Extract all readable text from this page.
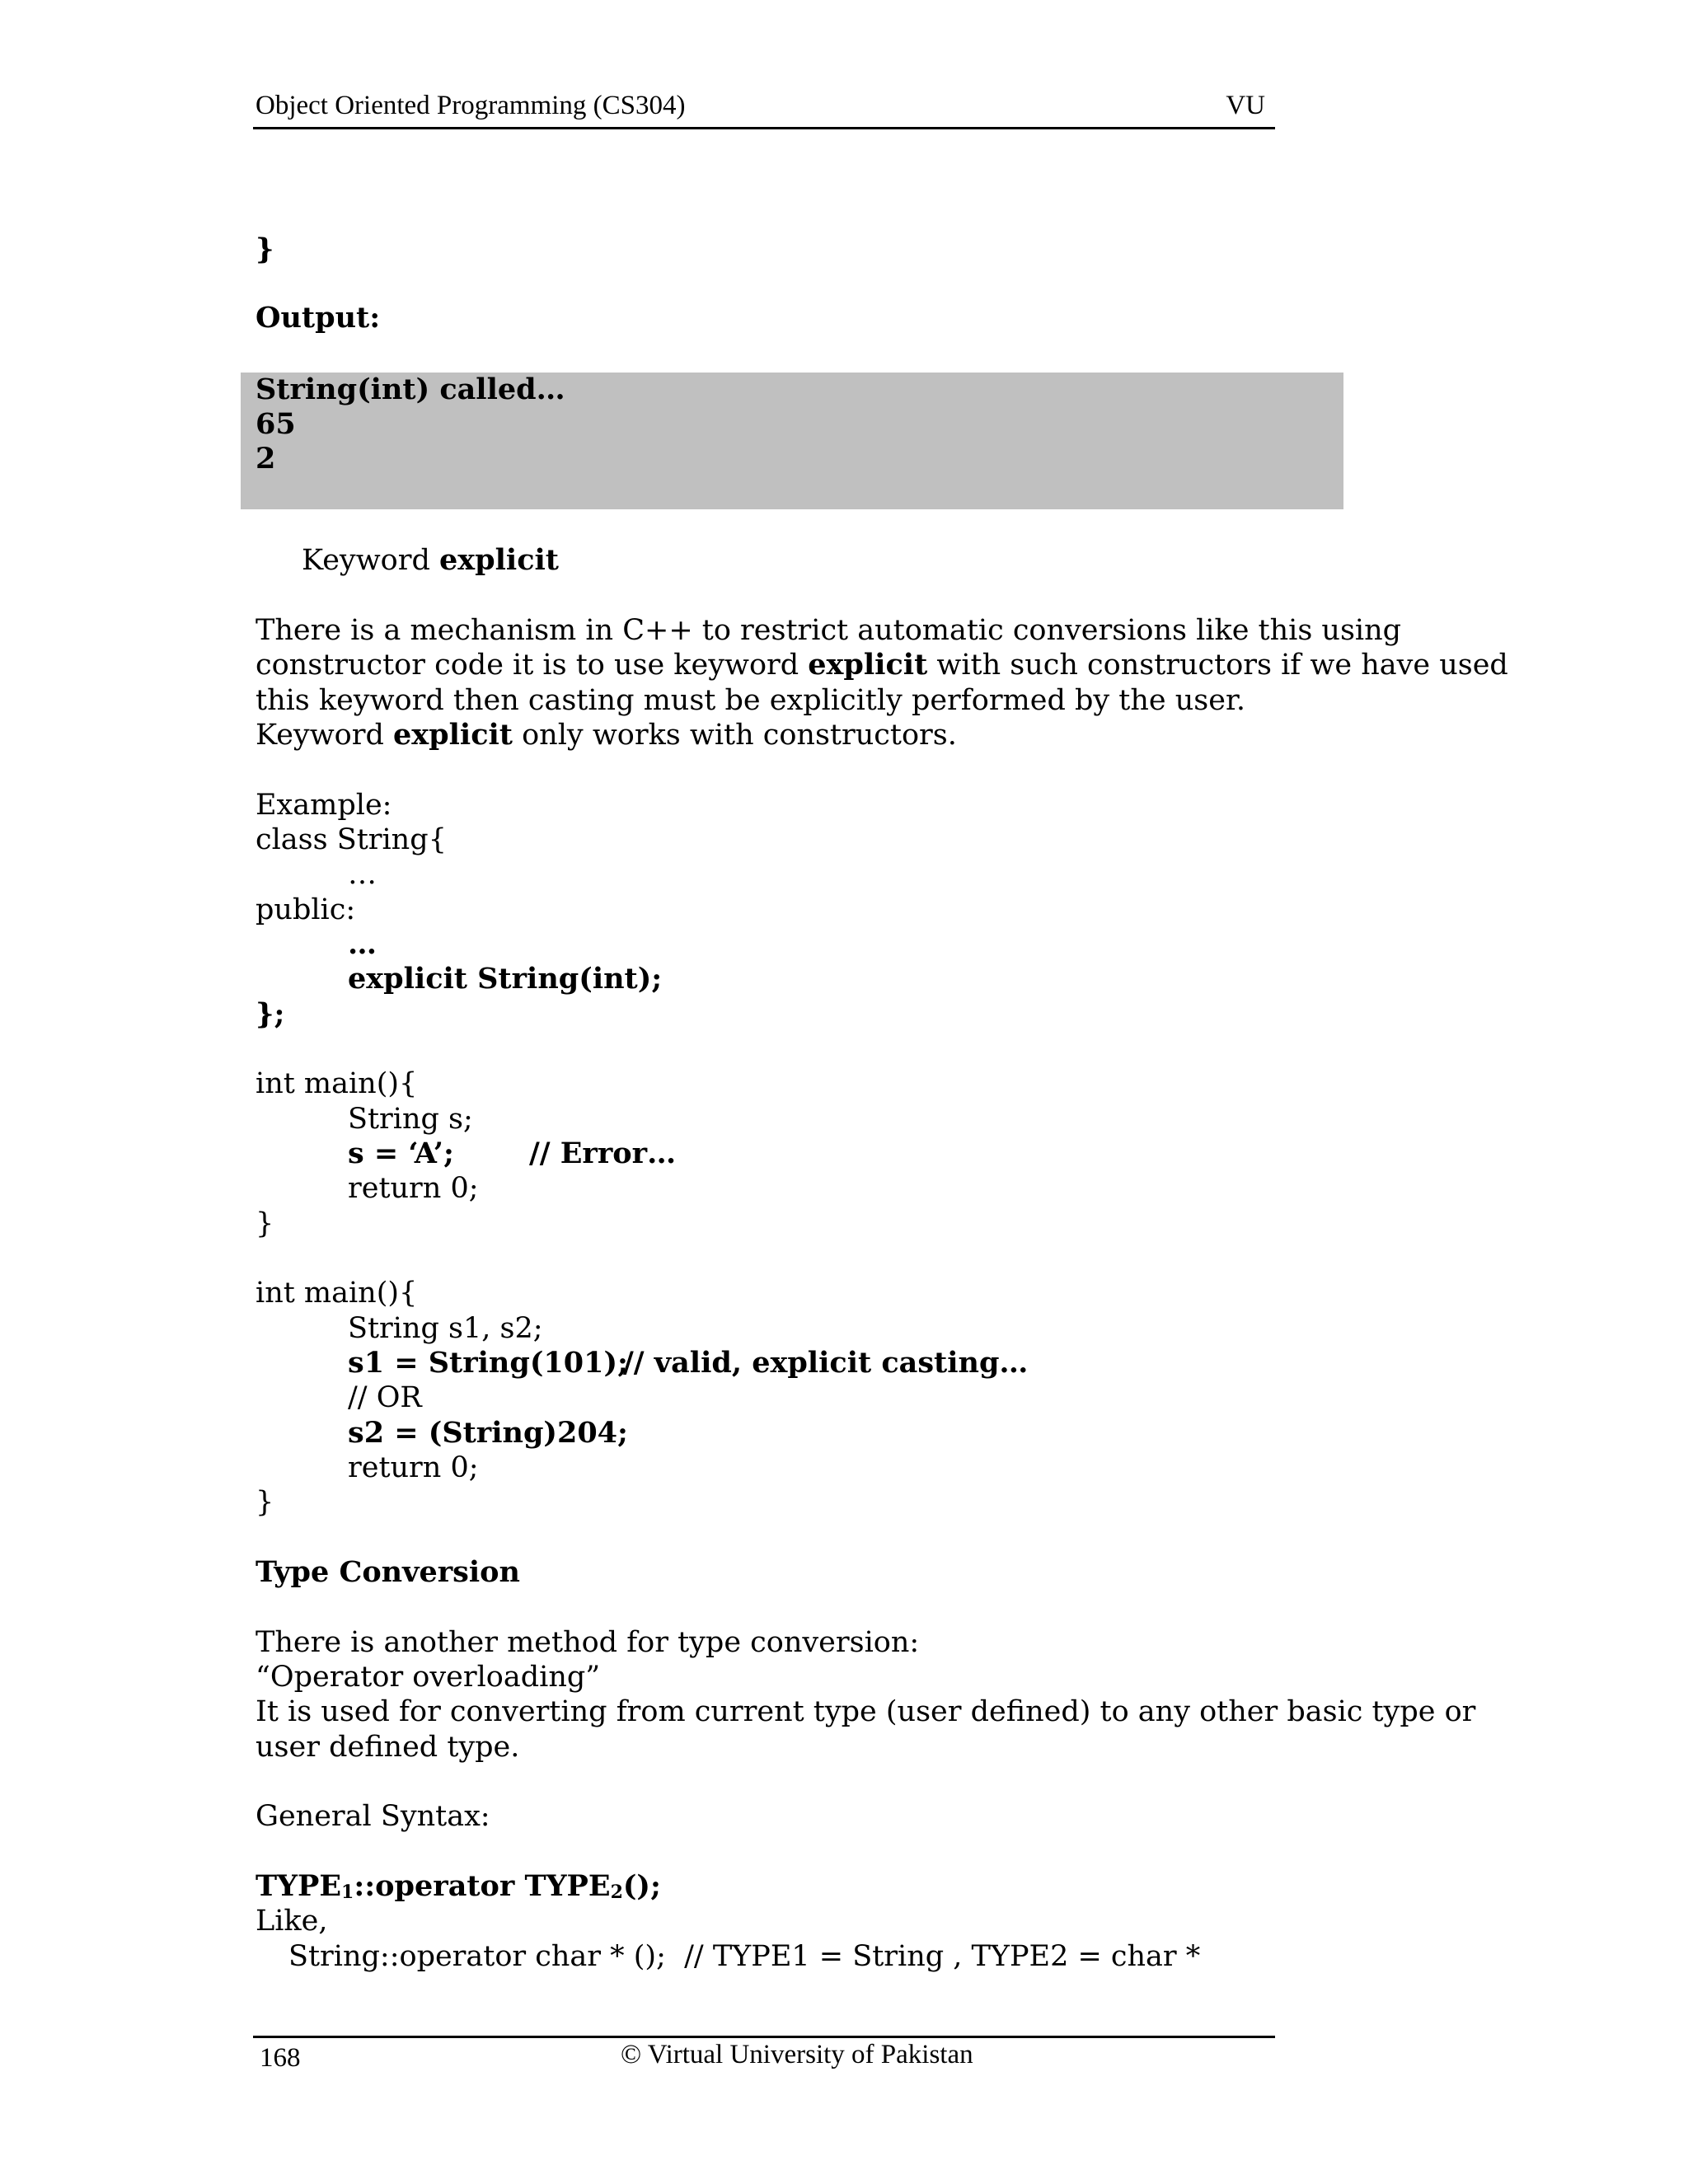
Object Oriented Programming (CS304)	VU
}
Output:
String(int) called…
65
2
Keyword explicit
There is a mechanism in C++ to restrict automatic conversions like this using
constructor code it is to use keyword explicit with such constructors if we have used
this keyword then casting must be explicitly performed by the user.
Keyword explicit only works with constructors.
Example:
class String{
…
public:
…
explicit String(int);
};
int main(){
String s;
s = ‘A’;	// Error…
return 0;
}
int main(){
String s1, s2;
s1 = String(101);
// valid, explicit casting…
// OR
s2 = (String)204;
return 0;
}
Type Conversion
There is another method for type conversion:
“Operator overloading”
It is used for converting from current type (user defined) to any other basic type or
user defined type.
General Syntax:
$TYPE_1::operator$ $TYPE_2()$;
Like,
String::operator char * ();  // TYPE1 = String , TYPE2 = char *
168	© Virtual University of Pakistan
